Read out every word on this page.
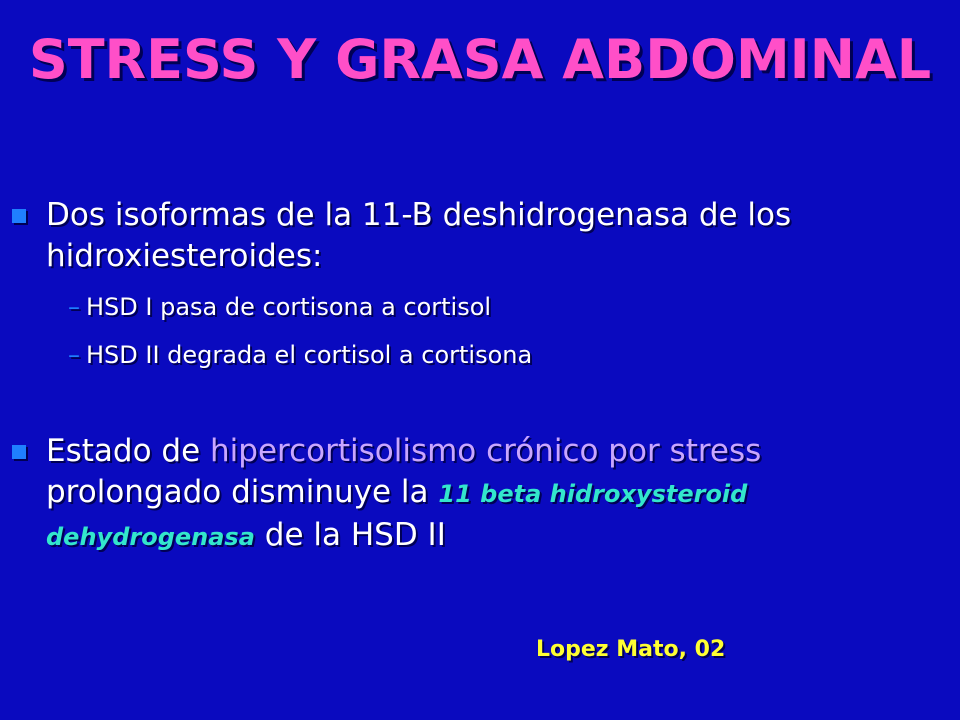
STRESS Y GRASA ABDOMINAL
Dos isoformas de la 11-B deshidrogenasa de los hidroxiesteroides:
– HSD I pasa de cortisona a cortisol
– HSD II degrada el cortisol a cortisona
Estado de hipercortisolismo crónico por stress prolongado disminuye la 11 beta hidroxysteroid dehydrogenasa de la HSD II
Lopez Mato, 02
